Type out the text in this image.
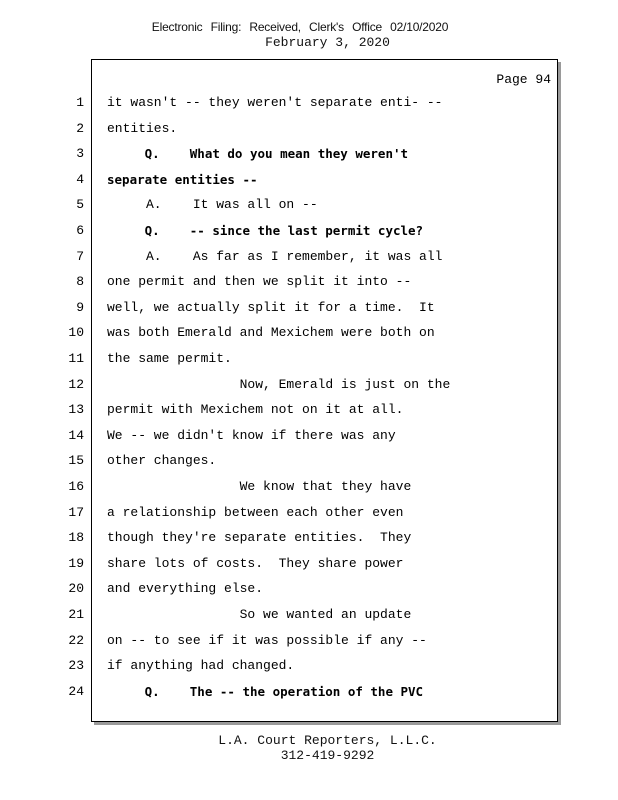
Electronic Filing: Received, Clerk's Office 02/10/2020
February 3, 2020
Page 94
1 it wasn't -- they weren't separate enti- --
2 entities.
3 Q.    What do you mean they weren't
4 separate entities --
5 A.    It was all on --
6 Q.    -- since the last permit cycle?
7 A.    As far as I remember, it was all
8 one permit and then we split it into --
9 well, we actually split it for a time.  It
10 was both Emerald and Mexichem were both on
11 the same permit.
12 Now, Emerald is just on the
13 permit with Mexichem not on it at all.
14 We -- we didn't know if there was any
15 other changes.
16 We know that they have
17 a relationship between each other even
18 though they're separate entities.  They
19 share lots of costs.  They share power
20 and everything else.
21 So we wanted an update
22 on -- to see if it was possible if any --
23 if anything had changed.
24 Q.    The -- the operation of the PVC
L.A. Court Reporters, L.L.C.
312-419-9292
